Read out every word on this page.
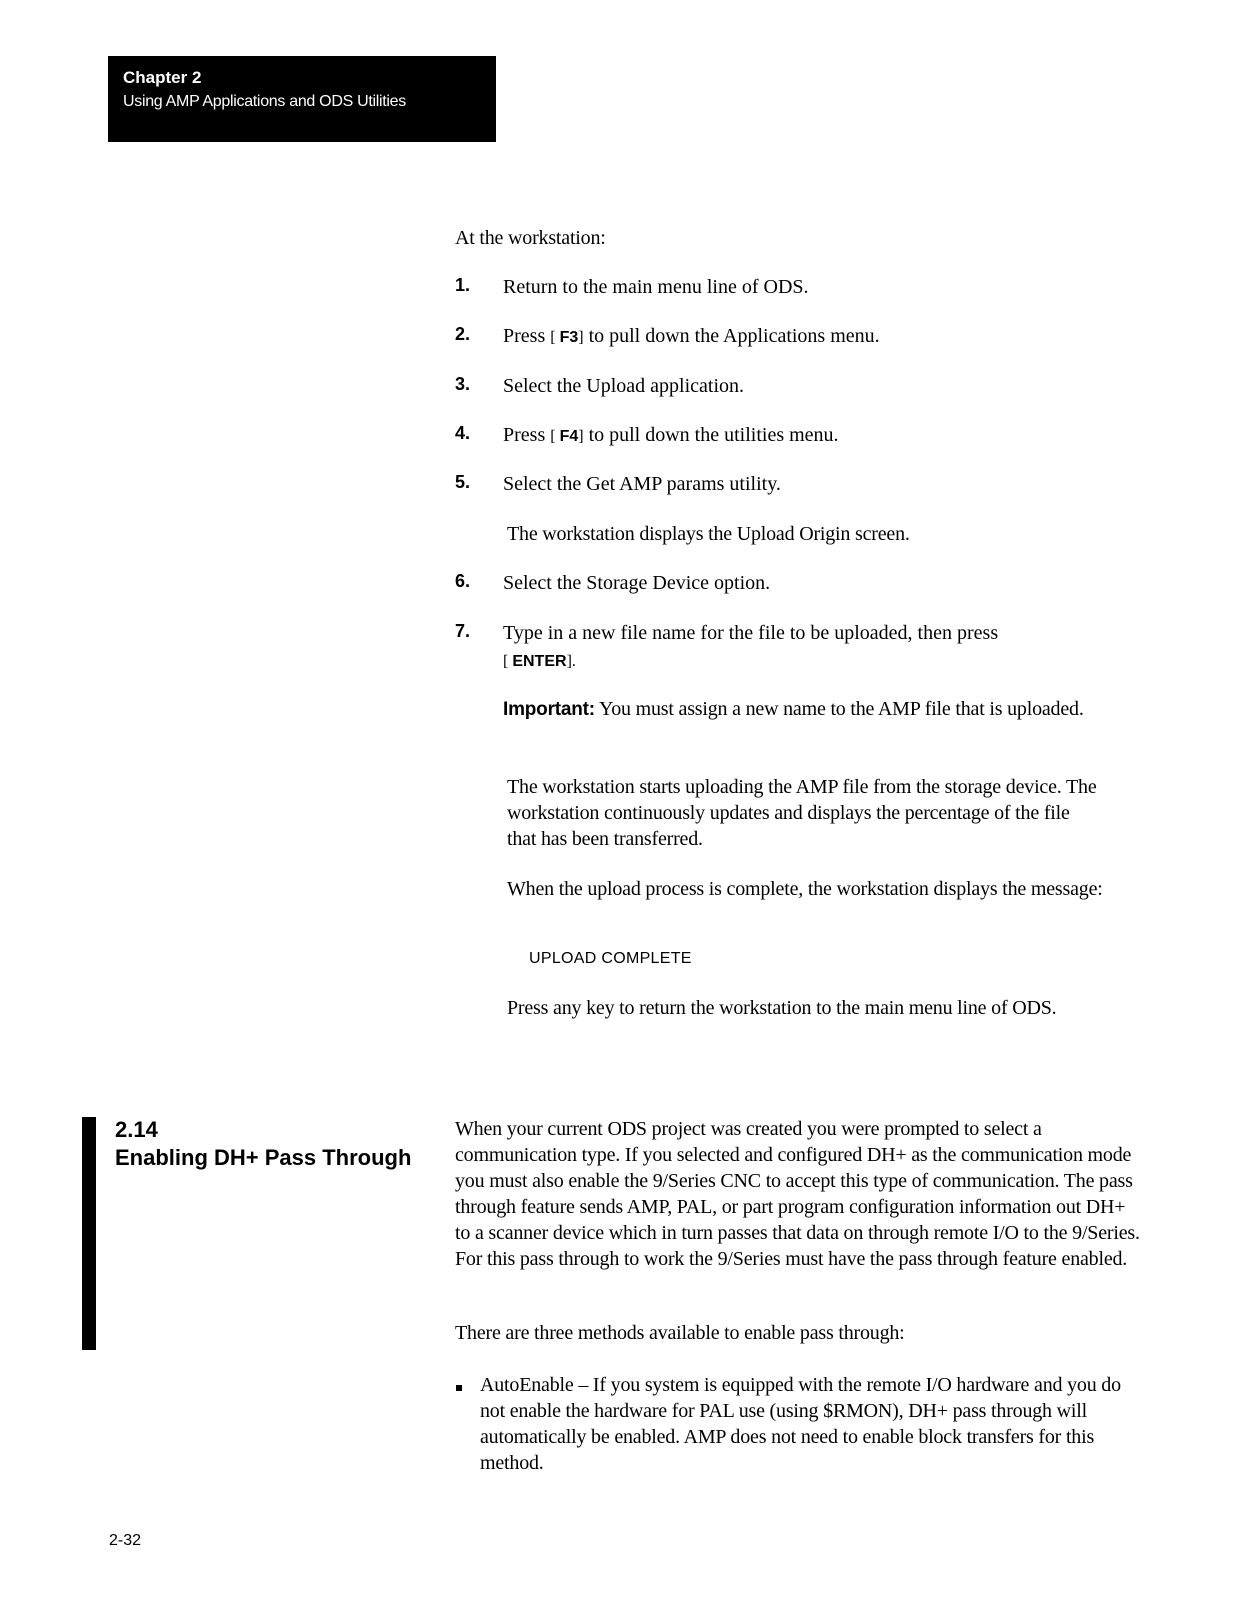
Chapter 2
Using AMP Applications and ODS Utilities
At the workstation:
1. Return to the main menu line of ODS.
2. Press [ F3] to pull down the Applications menu.
3. Select the Upload application.
4. Press [ F4] to pull down the utilities menu.
5. Select the Get AMP params utility.
The workstation displays the Upload Origin screen.
6. Select the Storage Device option.
7. Type in a new file name for the file to be uploaded, then press
[ ENTER].
Important: You must assign a new name to the AMP file that is uploaded.
The workstation starts uploading the AMP file from the storage device. The workstation continuously updates and displays the percentage of the file that has been transferred.
When the upload process is complete, the workstation displays the message:
UPLOAD COMPLETE
Press any key to return the workstation to the main menu line of ODS.
2.14
Enabling DH+ Pass Through
When your current ODS project was created you were prompted to select a communication type. If you selected and configured DH+ as the communication mode you must also enable the 9/Series CNC to accept this type of communication. The pass through feature sends AMP, PAL, or part program configuration information out DH+ to a scanner device which in turn passes that data on through remote I/O to the 9/Series. For this pass through to work the 9/Series must have the pass through feature enabled.
There are three methods available to enable pass through:
AutoEnable – If you system is equipped with the remote I/O hardware and you do not enable the hardware for PAL use (using $RMON), DH+ pass through will automatically be enabled. AMP does not need to enable block transfers for this method.
2-32
